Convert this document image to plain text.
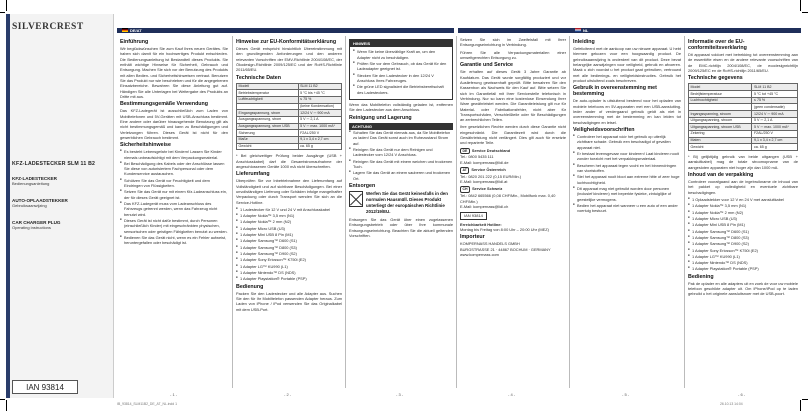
SILVERCREST
KFZ-LADESTECKER SLM 11 B2
KFZ-LADESTECKER
Bedienungsanleitung
AUTO-OPLAADSTEKKER
Gebruiksaanwijzing
CAR CHARGER PLUG
Operating instructions
IAN 93814
DE/AT	NL
Einführung

Wir beglückwünschen Sie zum Kauf Ihres neuen Gerätes. Sie haben sich damit für ein hochwertiges Produkt entschieden. Die Bedienungsanleitung ist Bestandteil dieses Produkts. Sie enthält wichtige Hinweise für Sicherheit, Gebrauch und Entsorgung. Machen Sie sich vor der Benutzung des Produkts mit allen Bedien- und Sicherheitshinweisen vertraut. Benutzen Sie das Produkt nur wie beschrieben und für die angegebenen Einsatzbereiche. Bewahren Sie diese Anleitung gut auf. Händigen Sie alle Unterlagen bei Weitergabe des Produkts an Dritte mit aus.

Bestimmungsgemäße Verwendung

Das KFZ-Ladegerät ist ausschließlich zum Laden von Mobiltelefonen und 5V-Geräten mit USB-Anschluss bestimmt. Eine andere oder darüber hinausgehende Benutzung gilt als nicht bestimmungsgemäß und kann zu Beschädigungen und Verletzungen führen. Dieses Gerät ist nicht für den gewerblichen Gebrauch bestimmt.

Sicherheitshinweise
■ Es besteht Lebensgefahr bei Kindern! Lassen Sie Kinder niemals unbeaufsichtigt mit dem Verpackungsmaterial.
■ Bei Beschädigung des Kabels oder der Anschlüsse lassen Sie diese von autorisiertem Fachpersonal oder dem Kundenservice austauschen.
■ Schützen Sie das Gerät vor Feuchtigkeit und dem Eindringen von Flüssigkeiten.
■ Setzen Sie das Gerät nur mit einem Kfz-Ladeanschluss ein, der für dieses Gerät geeignet ist.
■ Das KFZ-Ladegerät muss vom Ladeanschluss des Fahrzeugs getrennt werden, wenn das Fahrzeug nicht benutzt wird.
■ Dieses Gerät ist nicht dafür bestimmt, durch Personen (einschließlich Kinder) mit eingeschränkten physischen, sensorischen oder geistigen Fähigkeiten benutzt zu werden.
■ Bedienen Sie das Gerät nicht, wenn es ein Fehler aufweist, heruntergefallen oder beschädigt ist.
Hinweise zur EU-Konformitätserklärung

Dieses Gerät entspricht hinsichtlich Übereinstimmung mit den grundlegenden Anforderungen und den anderen relevanten Vorschriften der EMV-Richtlinie 2004/108/EC, der Ökodesign-Richtlinie 2009/125/EC und der RoHS-Richtlinie 2011/65/EU.

Technische Daten
Modell	SLM 11 B2
Betriebstemperatur	5 °C bis +45 °C
Luftfeuchtigkeit	≤ 75 %
	(keine Kondensation)
Eingangsspannung, strom	12/24 V ⎓ 900 mA
Ausgangsspannung, strom	5 V ⎓ 2,1 A
Ausgangsspannung, strom USB	5 V ⎓ max. 1000 mA*
Sicherung	F2AL/250 V
Maße	9,1 x 3,4 x 2,7 cm
Gewicht	ca. 65 g

* Bei gleichzeitiger Prüfung beider Ausgänge (USB + Anschlusskabel) darf die Gesamtstromaufnahme der angeschlossenen Geräte 1000 mA nicht überschreiten.

Lieferumfang

Überprüfen Sie vor Inbetriebnahme den Lieferumfang auf Vollständigkeit und auf sichtbare Beschädigungen. Bei einer unvollständigen Lieferung oder Schäden infolge mangelhafter Verpackung oder durch Transport wenden Sie sich an die Service-Hotline.

■ 1 Ladestecker für 12 V und 24 V mit Anschlusskabel
■ 1 Adapter Nokia™ 3,5 mm (N1)
■ 1 Adapter Nokia™ 2 mm (N2)
■ 1 Adapter Micro USB (U3)
■ 1 Adapter Mini USB 8 Pin (M1)
■ 1 Adapter Samsung™ D600 (S1)
■ 1 Adapter Samsung™ D800 (S3)
■ 1 Adapter Samsung™ D900 (S2)
■ 1 Adapter Sony Ericsson™ K750i (E2)
■ 1 Adapter LG™ KU990 (L1)
■ 1 Adapter Nintendo™ DS (NDS)
■ 1 Adapter Playstation® Portable (PSP)
Bedienung

Packen Sie den Ladestecker und alle Adapter aus. Suchen Sie den für Ihr Mobiltelefon passenden Adapter heraus. Zum Laden von iPhone / iPod verwenden Sie das Originalkabel mit dem USB-Port.

HINWEIS
■ Wenn Sie keine überzählige Kraft an, um den Adapter nicht zu beschädigen.
■ Prüfen Sie vor dem Gebrauch, ob das Gerät für den Ladeadapter geeignet ist.
■ Stecken Sie den Ladestecker in den 12/24 V Anschluss Ihres Fahrzeuges.
■ Die grüne LED signalisiert die Betriebsbereitschaft des Ladesteckers.

Wenn das Mobiltelefon vollständig geladen ist, entfernen Sie den Ladestecker aus dem Anschluss.

Reinigung und Lagerung
ACHTUNG
■ Schalten Sie das Gerät niemals aus, da Sie Mobiltelefon zu laden! Das Gerät sonst auch im Ruhezustand Strom auf.
■ Reinigen Sie das Gerät nur dem Reinigen und Ladestecker vom 12/24 V Anschluss.
■ Reinigen Sie das Gerät mit einem weichen und trockenen Tuch.
■ Lagern Sie das Gerät an einem sauberen und trockenen Ort.
Entsorgen
Werfen Sie das Gerät keinesfalls in den normalen Hausmüll. Dieses Produkt unterliegt der europäischen Richtlinie 2012/19/EU.

Entsorgen Sie das Gerät über einen zugelassenen Entsorgungsbetrieb oder über Ihre kommunale Entsorgungseinrichtung. Beachten Sie die aktuell geltenden Vorschriften.

Setzen Sie sich im Zweifelsfall mit Ihrer Entsorgungseinrichtung in Verbindung.

Führen Sie alle Verpackungsmaterialien einer umweltgerechten Entsorgung zu.

Garantie und Service

Sie erhalten auf dieses Gerät 3 Jahre Garantie ab Kaufdatum. Das Gerät wurde sorgfältig produziert und vor Auslieferung gewissenhaft geprüft. Bitte bewahren Sie den Kassenbon als Nachweis für den Kauf auf. Bitte setzen Sie sich im Garantiefall mit Ihrer Servicestelle telefonisch in Verbindung. Nur so kann eine kostenlose Einsendung Ihrer Ware gewährleistet werden. Die Garantieleistung gilt nur für Material- oder Fabrikationsfehler, nicht aber für Transportschäden, Verschleißteile oder für Beschädigungen an zerbrechlichen Teilen.

Ihre gesetzlichen Rechte werden durch diese Garantie nicht eingeschränkt. Die Garantiezeit wird durch die Gewährleistung nicht verlängert. Dies gilt auch für ersetzte und reparierte Teile.

DE Service Deutschland
Tel.: 0800 5435 111
E-Mail: kompernass@lidl.de
AT Service Österreich
Tel.: 0820 201 222 (0,15 EUR/Min.)
E-Mail: kompernass@lidl.at
CH Service Schweiz
Tel.: 0842 665566 (0,08 CHF/Min., Mobilfunk max. 0,40 CHF/Min.)
E-Mail: kompernass@lidl.ch
IAN 93814
Erreichbarkeit Hotline:

Montag bis Freitag von 8:00 Uhr – 20:00 Uhr (MEZ)

Importeur
KOMPERNASS HANDELS GMBH
BURGSTRASSE 21 · 44867 BOCHUM · GERMANY
www.kompernass.com
Inleiding

Gefeliciteerd met de aankoop van uw nieuwe apparaat. U hebt hiermee gekozen voor een hoogwaardig product. De gebruiksaanwijzing is onderdeel van dit product. Deze bevat belangrijke aanwijzingen voor veiligheid, gebruik en afvoeren. Maak u zich voordat u het product gaat gebruiken, vertrouwd met alle bedienings- en veiligheidsinstructies. Gebruik het product uitsluitend zoals beschreven.

Gebruik in overeenstemming met bestemming

De auto-oplader is uitsluitend bestemd voor het opladen van mobiele telefoons en 5V-apparaten met een USB-aansluiting. Ieder ander of verdergaand gebruik geldt als niet in overeenstemming met de bestemming en kan leiden tot beschadigingen en letsel.

Veiligheidsvoorschriften
■ Controleer het apparaat vóór het gebruik op uiterlijk zichtbare schade. Gebruik een beschadigd of gevallen apparaat niet.
■ Er bestaat levensgevaar voor kinderen! Laat kinderen nooit zonder toezicht met het verpakkingsmateriaal.
■ Bescherm het apparaat tegen vocht en het binnendringen van vloeistoffen.
■ Stel het apparaat nooit bloot aan extreme hitte of zeer hoge luchtvochtigheid.
■ Dit apparaat mag niet gebruikt worden door personen (inclusief kinderen) met beperkte fysieke, zintuiglijke of geestelijke vermogens.
■ Bedien het apparaat niet wanneer u een auto of een ander voertuig bestuurt.
Informatie over de EU-conformiteitsverklaring

Dit apparaat voldoet met betrekking tot overeenstemming aan de essentiële eisen en de andere relevante voorschriften van de EMC-richtlijn 2004/108/EC, de ecodesignrichtlijn 2009/125/EC en de RoHS-richtlijn 2011/65/EU.

Technische gegevens
Model	SLM 11 B2
Bedrijfstemperatuur	5 °C tot +45 °C
Luchtvochtigheid	≤ 75 %
	(geen condensatie)
Ingangsspanning, stroom	12/24 V ⎓ 900 mA
Uitgangsspanning, stroom	5 V ⎓ 2,1 A
Uitgangsspanning, stroom USB	5 V ⎓ max. 1000 mA*
Zekering	F2AL/250 V
Maten	9,1 x 3,4 x 2,7 cm
Gewicht	ca. 65 g

* Bij gelijktijdig gebruik van beide uitgangen (USB + aansluitkabel) mag de totale stroomopname van de aangesloten apparaten niet hoger zijn dan 1000 mA.

Inhoud van de verpakking

Controleer voorafgaand aan de ingebruikname de inhoud van het pakket op volledigheid en eventuele zichtbare beschadigingen.

■ 1 Oplaadstekker voor 12 V en 24 V met aansluitkabel
■ 1 Adapter Nokia™ 3,5 mm (N1)
■ 1 Adapter Nokia™ 2 mm (N2)
■ 1 Adapter Micro USB (U3)
■ 1 Adapter Mini USB 8 Pin (M1)
■ 1 Adapter Samsung™ D600 (S1)
■ 1 Adapter Samsung™ D800 (S3)
■ 1 Adapter Samsung™ D900 (S2)
■ 1 Adapter Sony Ericsson™ K750i (E2)
■ 1 Adapter LG™ KU990 (L1)
■ 1 Adapter Nintendo™ DS (NDS)
■ 1 Adapter Playstation® Portable (PSP)
Bediening

Pak de oplader en alle adapters uit en zoek de voor uw mobiele telefoon geschikte adapter uit. Om iPhone/iPod op te laden gebruikt u het originele aansluitsnoer met de USB-poort.

- 1 -	- 2 -	- 3 -	- 4 -	- 5 -	- 6 -
IB_93814_SLM11B2_DE_AT_NL.indd 1	26.10.13 14:04
